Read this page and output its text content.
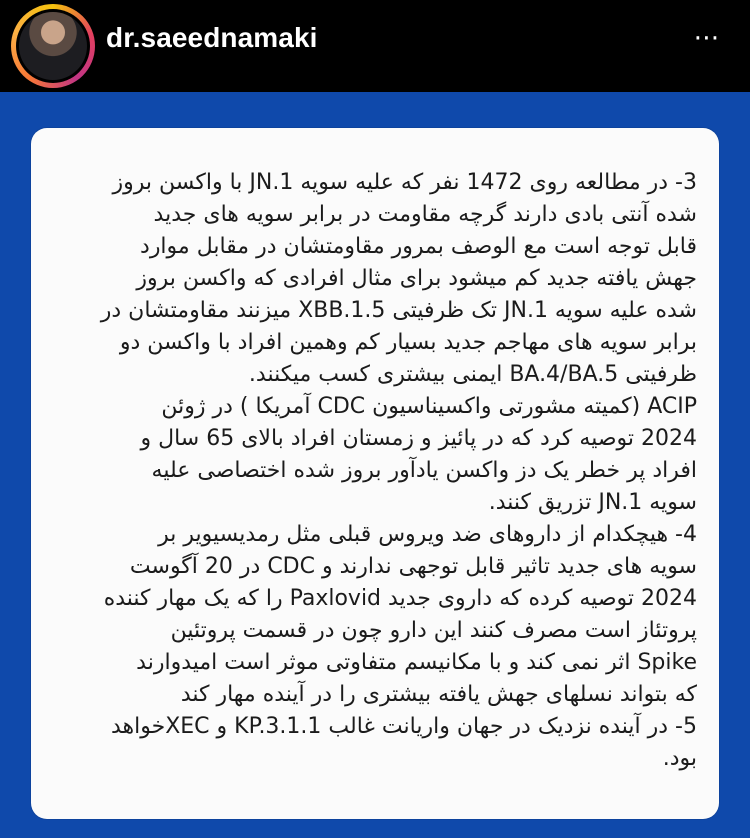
dr.saeednamaki	⋯
3- در مطالعه روی 1472 نفر که علیه سویه JN.1 با واکسن بروز
شده آنتی بادی دارند گرچه مقاومت در برابر سویه های جدید
قابل توجه است مع الوصف بمرور مقاومتشان در مقابل موارد
جهش یافته جدید کم میشود برای مثال افرادی که واکسن بروز
شده علیه سویه JN.1 تک ظرفیتی XBB.1.5 میزنند مقاومتشان در
برابر سویه های مهاجم جدید بسیار کم وهمین افراد با واکسن دو
ظرفیتی BA.4/BA.5 ایمنی بیشتری کسب میکنند.
ACIP (کمیته مشورتی واکسیناسیون CDC آمریکا ) در ژوئن
2024 توصیه کرد که در پائیز و زمستان افراد بالای 65 سال و
افراد پر خطر یک دز واکسن یادآور بروز شده اختصاصی علیه
سویه JN.1 تزریق کنند.
4- هیچکدام از داروهای ضد ویروس قبلی مثل رمدیسیویر بر
سویه های جدید تاثیر قابل توجهی ندارند و CDC در 20 آگوست
2024 توصیه کرده که داروی جدید Paxlovid را که یک مهار کننده
پروتئاز است مصرف کنند این دارو چون در قسمت پروتئین
Spike اثر نمی کند و با مکانیسم متفاوتی موثر است امیدوارند
که بتواند نسلهای جهش یافته بیشتری را در آینده مهار کند
5- در آینده نزدیک در جهان واریانت غالب KP.3.1.1 و XECخواهد
بود.
